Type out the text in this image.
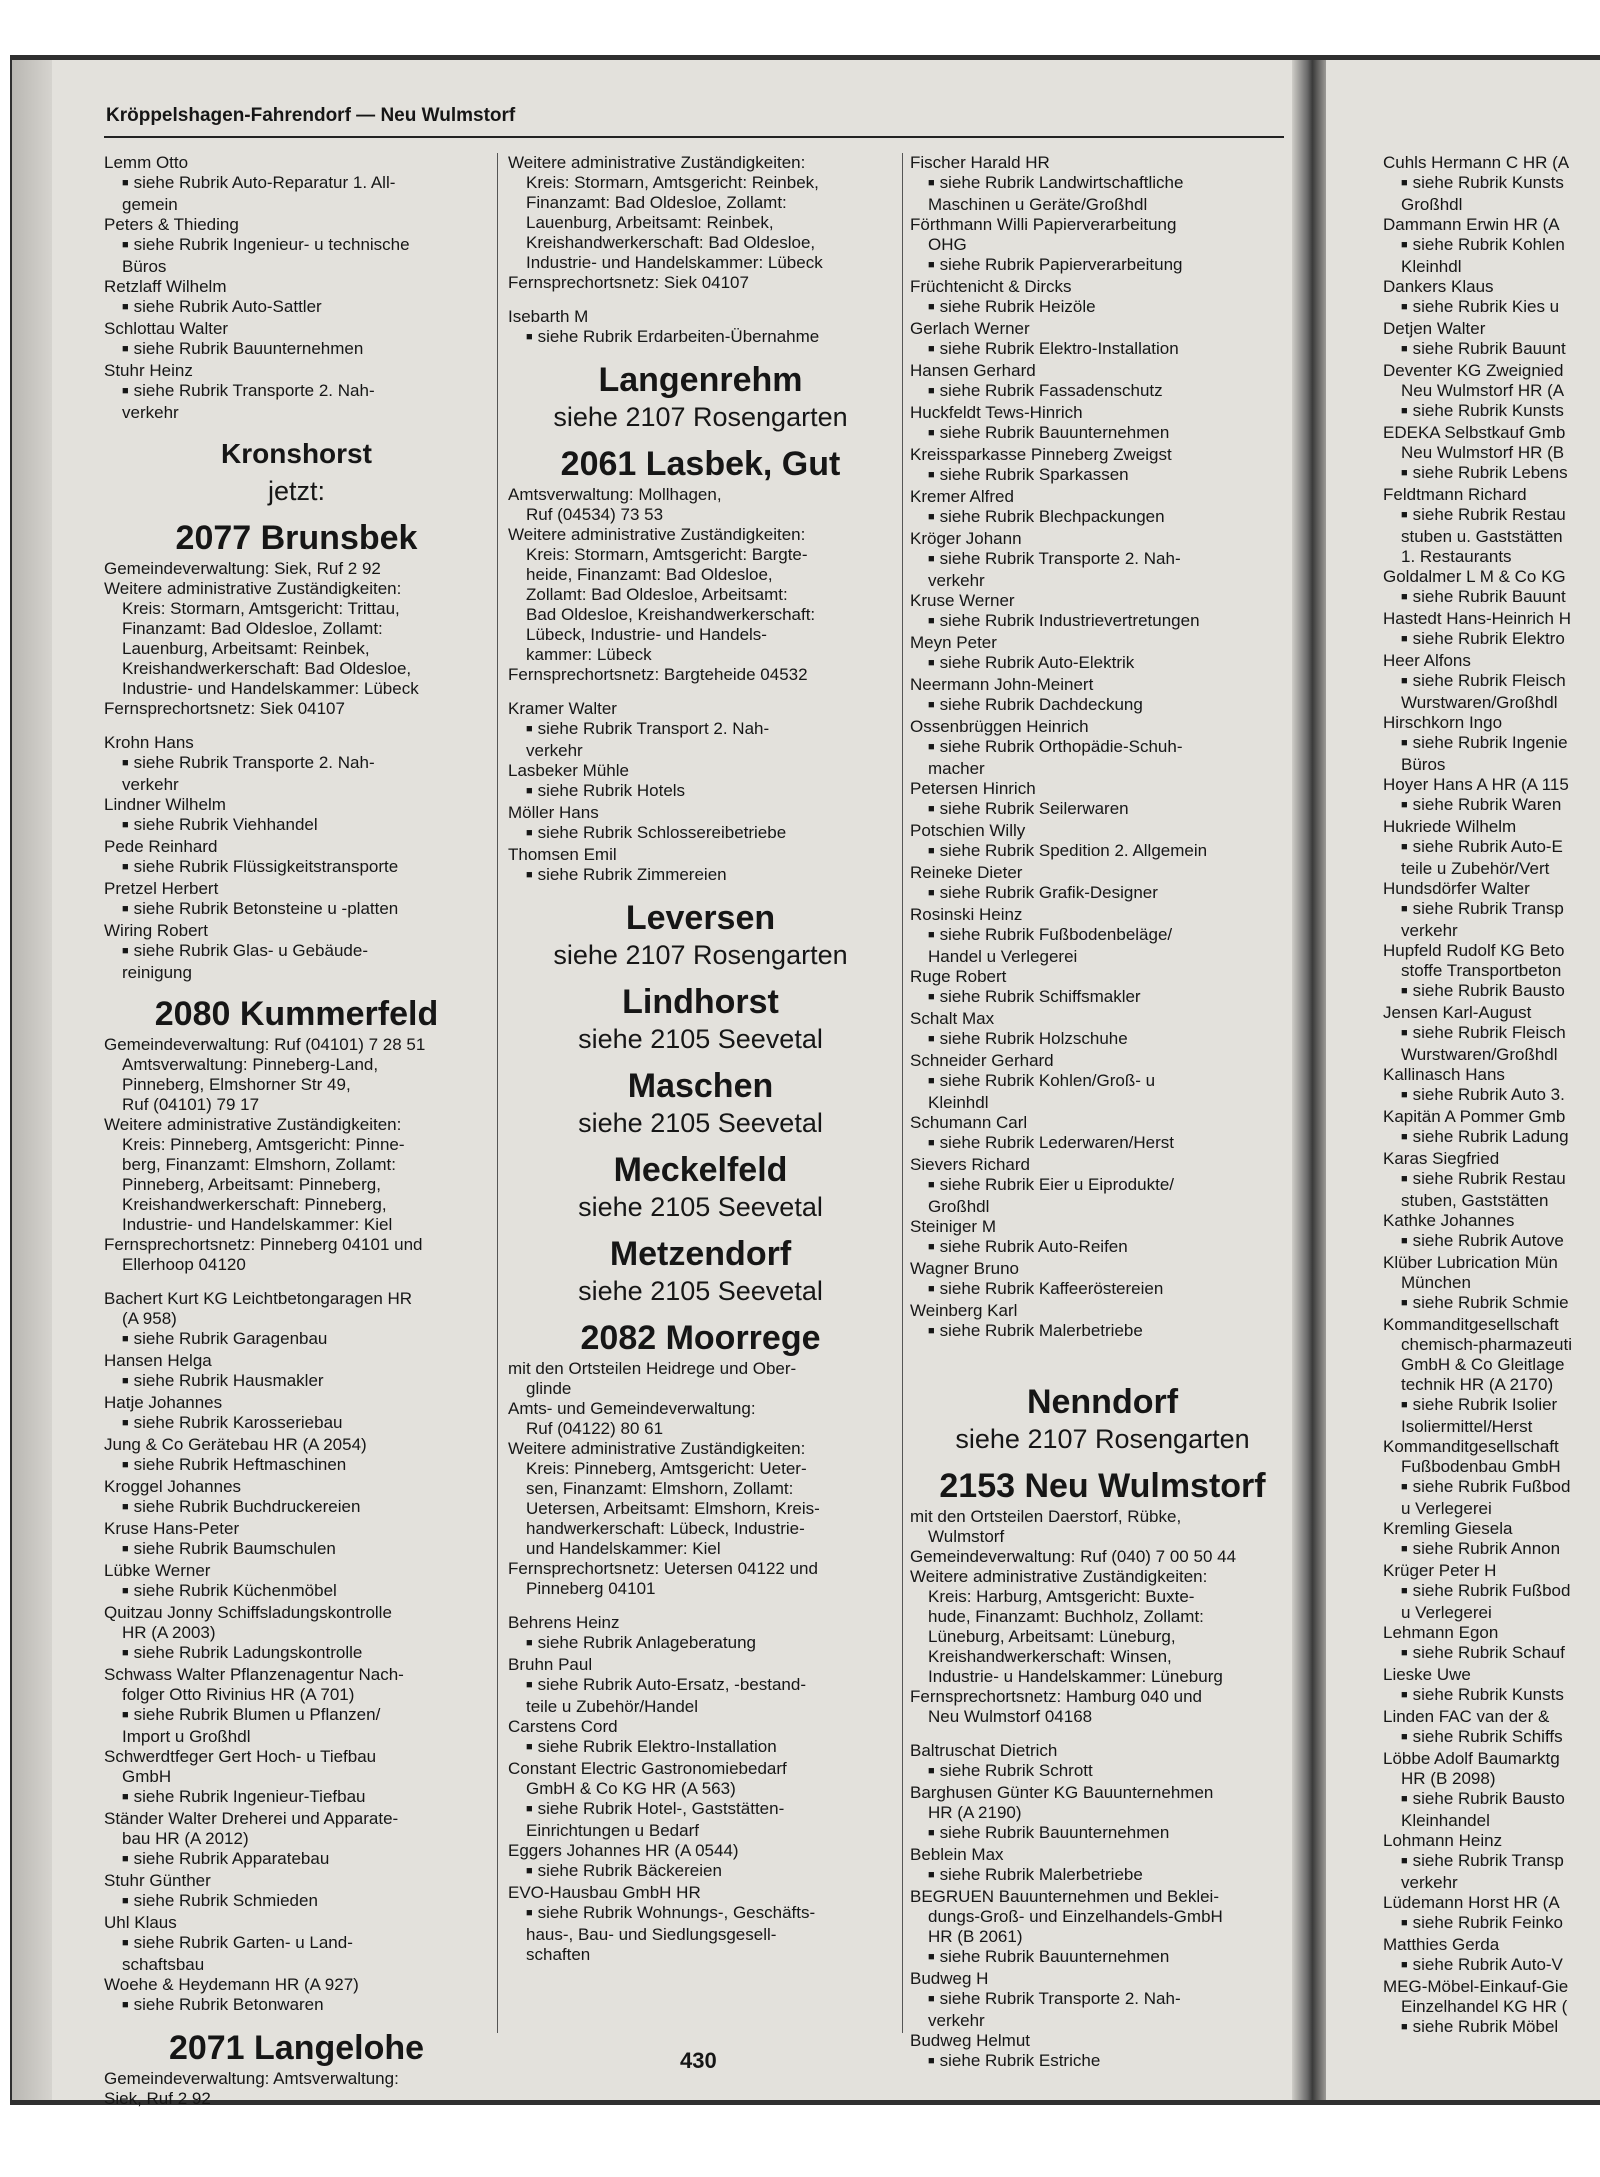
Kröppelshagen-Fahrendorf — Neu Wulmstorf
Lemm Otto
■ siehe Rubrik Auto-Reparatur 1. All-
gemein
Peters & Thieding
■ siehe Rubrik Ingenieur- u technische
Büros
Retzlaff Wilhelm
■ siehe Rubrik Auto-Sattler
Schlottau Walter
■ siehe Rubrik Bauunternehmen
Stuhr Heinz
■ siehe Rubrik Transporte 2. Nah-
verkehr
Kronshorst
jetzt:
2077 Brunsbek
Gemeindeverwaltung: Siek, Ruf 2 92
Weitere administrative Zuständigkeiten:
Kreis: Stormarn, Amtsgericht: Trittau,
Finanzamt: Bad Oldesloe, Zollamt:
Lauenburg, Arbeitsamt: Reinbek,
Kreishandwerkerschaft: Bad Oldesloe,
Industrie- und Handelskammer: Lübeck
Fernsprechortsnetz: Siek 04107
Krohn Hans
■ siehe Rubrik Transporte 2. Nah-
verkehr
Lindner Wilhelm
■ siehe Rubrik Viehhandel
Pede Reinhard
■ siehe Rubrik Flüssigkeitstransporte
Pretzel Herbert
■ siehe Rubrik Betonsteine u -platten
Wiring Robert
■ siehe Rubrik Glas- u Gebäude-
reinigung
2080 Kummerfeld
Gemeindeverwaltung: Ruf (04101) 7 28 51
Amtsverwaltung: Pinneberg-Land,
Pinneberg, Elmshorner Str 49,
Ruf (04101) 79 17
Weitere administrative Zuständigkeiten:
Kreis: Pinneberg, Amtsgericht: Pinne-
berg, Finanzamt: Elmshorn, Zollamt:
Pinneberg, Arbeitsamt: Pinneberg,
Kreishandwerkerschaft: Pinneberg,
Industrie- und Handelskammer: Kiel
Fernsprechortsnetz: Pinneberg 04101 und
Ellerhoop 04120
Bachert Kurt KG Leichtbetongaragen HR
(A 958)
■ siehe Rubrik Garagenbau
Hansen Helga
■ siehe Rubrik Hausmakler
Hatje Johannes
■ siehe Rubrik Karosseriebau
Jung & Co Gerätebau HR (A 2054)
■ siehe Rubrik Heftmaschinen
Kroggel Johannes
■ siehe Rubrik Buchdruckereien
Kruse Hans-Peter
■ siehe Rubrik Baumschulen
Lübke Werner
■ siehe Rubrik Küchenmöbel
Quitzau Jonny Schiffsladungskontrolle
HR (A 2003)
■ siehe Rubrik Ladungskontrolle
Schwass Walter Pflanzenagentur Nach-
folger Otto Rivinius HR (A 701)
■ siehe Rubrik Blumen u Pflanzen/
Import u Großhdl
Schwerdtfeger Gert Hoch- u Tiefbau
GmbH
■ siehe Rubrik Ingenieur-Tiefbau
Ständer Walter Dreherei und Apparate-
bau HR (A 2012)
■ siehe Rubrik Apparatebau
Stuhr Günther
■ siehe Rubrik Schmieden
Uhl Klaus
■ siehe Rubrik Garten- u Land-
schaftsbau
Woehe & Heydemann HR (A 927)
■ siehe Rubrik Betonwaren
2071 Langelohe
Gemeindeverwaltung: Amtsverwaltung:
Siek, Ruf 2 92
Weitere administrative Zuständigkeiten:
Kreis: Stormarn, Amtsgericht: Reinbek,
Finanzamt: Bad Oldesloe, Zollamt:
Lauenburg, Arbeitsamt: Reinbek,
Kreishandwerkerschaft: Bad Oldesloe,
Industrie- und Handelskammer: Lübeck
Fernsprechortsnetz: Siek 04107
Isebarth M
■ siehe Rubrik Erdarbeiten-Übernahme
Langenrehm
siehe 2107 Rosengarten
2061 Lasbek, Gut
Amtsverwaltung: Mollhagen,
Ruf (04534) 73 53
Weitere administrative Zuständigkeiten:
Kreis: Stormarn, Amtsgericht: Bargte-
heide, Finanzamt: Bad Oldesloe,
Zollamt: Bad Oldesloe, Arbeitsamt:
Bad Oldesloe, Kreishandwerkerschaft:
Lübeck, Industrie- und Handels-
kammer: Lübeck
Fernsprechortsnetz: Bargteheide 04532
Kramer Walter
■ siehe Rubrik Transport 2. Nah-
verkehr
Lasbeker Mühle
■ siehe Rubrik Hotels
Möller Hans
■ siehe Rubrik Schlossereibetriebe
Thomsen Emil
■ siehe Rubrik Zimmereien
Leversen
siehe 2107 Rosengarten
Lindhorst
siehe 2105 Seevetal
Maschen
siehe 2105 Seevetal
Meckelfeld
siehe 2105 Seevetal
Metzendorf
siehe 2105 Seevetal
2082 Moorrege
mit den Ortsteilen Heidrege und Ober-
glinde
Amts- und Gemeindeverwaltung:
Ruf (04122) 80 61
Weitere administrative Zuständigkeiten:
Kreis: Pinneberg, Amtsgericht: Ueter-
sen, Finanzamt: Elmshorn, Zollamt:
Uetersen, Arbeitsamt: Elmshorn, Kreis-
handwerkerschaft: Lübeck, Industrie-
und Handelskammer: Kiel
Fernsprechortsnetz: Uetersen 04122 und
Pinneberg 04101
Behrens Heinz
■ siehe Rubrik Anlageberatung
Bruhn Paul
■ siehe Rubrik Auto-Ersatz, -bestand-
teile u Zubehör/Handel
Carstens Cord
■ siehe Rubrik Elektro-Installation
Constant Electric Gastronomiebedarf
GmbH & Co KG HR (A 563)
■ siehe Rubrik Hotel-, Gaststätten-
Einrichtungen u Bedarf
Eggers Johannes HR (A 0544)
■ siehe Rubrik Bäckereien
EVO-Hausbau GmbH HR
■ siehe Rubrik Wohnungs-, Geschäfts-
haus-, Bau- und Siedlungsgesell-
schaften
Fischer Harald HR
■ siehe Rubrik Landwirtschaftliche
Maschinen u Geräte/Großhdl
Förthmann Willi Papierverarbeitung
OHG
■ siehe Rubrik Papierverarbeitung
Früchtenicht & Dircks
■ siehe Rubrik Heizöle
Gerlach Werner
■ siehe Rubrik Elektro-Installation
Hansen Gerhard
■ siehe Rubrik Fassadenschutz
Huckfeldt Tews-Hinrich
■ siehe Rubrik Bauunternehmen
Kreissparkasse Pinneberg Zweigst
■ siehe Rubrik Sparkassen
Kremer Alfred
■ siehe Rubrik Blechpackungen
Kröger Johann
■ siehe Rubrik Transporte 2. Nah-
verkehr
Kruse Werner
■ siehe Rubrik Industrievertretungen
Meyn Peter
■ siehe Rubrik Auto-Elektrik
Neermann John-Meinert
■ siehe Rubrik Dachdeckung
Ossenbrüggen Heinrich
■ siehe Rubrik Orthopädie-Schuh-
macher
Petersen Hinrich
■ siehe Rubrik Seilerwaren
Potschien Willy
■ siehe Rubrik Spedition 2. Allgemein
Reineke Dieter
■ siehe Rubrik Grafik-Designer
Rosinski Heinz
■ siehe Rubrik Fußbodenbeläge/
Handel u Verlegerei
Ruge Robert
■ siehe Rubrik Schiffsmakler
Schalt Max
■ siehe Rubrik Holzschuhe
Schneider Gerhard
■ siehe Rubrik Kohlen/Groß- u
Kleinhdl
Schumann Carl
■ siehe Rubrik Lederwaren/Herst
Sievers Richard
■ siehe Rubrik Eier u Eiprodukte/
Großhdl
Steiniger M
■ siehe Rubrik Auto-Reifen
Wagner Bruno
■ siehe Rubrik Kaffeeröstereien
Weinberg Karl
■ siehe Rubrik Malerbetriebe
Nenndorf
siehe 2107 Rosengarten
2153 Neu Wulmstorf
mit den Ortsteilen Daerstorf, Rübke,
Wulmstorf
Gemeindeverwaltung: Ruf (040) 7 00 50 44
Weitere administrative Zuständigkeiten:
Kreis: Harburg, Amtsgericht: Buxte-
hude, Finanzamt: Buchholz, Zollamt:
Lüneburg, Arbeitsamt: Lüneburg,
Kreishandwerkerschaft: Winsen,
Industrie- u Handelskammer: Lüneburg
Fernsprechortsnetz: Hamburg 040 und
Neu Wulmstorf 04168
Baltruschat Dietrich
■ siehe Rubrik Schrott
Barghusen Günter KG Bauunternehmen
HR (A 2190)
■ siehe Rubrik Bauunternehmen
Beblein Max
■ siehe Rubrik Malerbetriebe
BEGRUEN Bauunternehmen und Beklei-
dungs-Groß- und Einzelhandels-GmbH
HR (B 2061)
■ siehe Rubrik Bauunternehmen
Budweg H
■ siehe Rubrik Transporte 2. Nah-
verkehr
Budweg Helmut
■ siehe Rubrik Estriche
Cuhls Hermann C HR (A
■ siehe Rubrik Kunsts
Großhdl
Dammann Erwin HR (A
■ siehe Rubrik Kohlen
Kleinhdl
Dankers Klaus
■ siehe Rubrik Kies u
Detjen Walter
■ siehe Rubrik Bauunt
Deventer KG Zweignied
Neu Wulmstorf HR (A
■ siehe Rubrik Kunsts
EDEKA Selbstkauf Gmb
Neu Wulmstorf HR (B
■ siehe Rubrik Lebens
Feldtmann Richard
■ siehe Rubrik Restau
stuben u. Gaststätten
1. Restaurants
Goldalmer L M & Co KG
■ siehe Rubrik Bauunt
Hastedt Hans-Heinrich H
■ siehe Rubrik Elektro
Heer Alfons
■ siehe Rubrik Fleisch
Wurstwaren/Großhdl
Hirschkorn Ingo
■ siehe Rubrik Ingenie
Büros
Hoyer Hans A HR (A 115
■ siehe Rubrik Waren
Hukriede Wilhelm
■ siehe Rubrik Auto-E
teile u Zubehör/Vert
Hundsdörfer Walter
■ siehe Rubrik Transp
verkehr
Hupfeld Rudolf KG Beto
stoffe Transportbeton
■ siehe Rubrik Bausto
Jensen Karl-August
■ siehe Rubrik Fleisch
Wurstwaren/Großhdl
Kallinasch Hans
■ siehe Rubrik Auto 3.
Kapitän A Pommer Gmb
■ siehe Rubrik Ladung
Karas Siegfried
■ siehe Rubrik Restau
stuben, Gaststätten
Kathke Johannes
■ siehe Rubrik Autove
Klüber Lubrication Mün
München
■ siehe Rubrik Schmie
Kommanditgesellschaft
chemisch-pharmazeuti
GmbH & Co Gleitlage
technik HR (A 2170)
■ siehe Rubrik Isolier
Isoliermittel/Herst
Kommanditgesellschaft
Fußbodenbau GmbH
■ siehe Rubrik Fußbod
u Verlegerei
Kremling Giesela
■ siehe Rubrik Annon
Krüger Peter H
■ siehe Rubrik Fußbod
u Verlegerei
Lehmann Egon
■ siehe Rubrik Schauf
Lieske Uwe
■ siehe Rubrik Kunsts
Linden FAC van der &
■ siehe Rubrik Schiffs
Löbbe Adolf Baumarktg
HR (B 2098)
■ siehe Rubrik Bausto
Kleinhandel
Lohmann Heinz
■ siehe Rubrik Transp
verkehr
Lüdemann Horst HR (A
■ siehe Rubrik Feinko
Matthies Gerda
■ siehe Rubrik Auto-V
MEG-Möbel-Einkauf-Gie
Einzelhandel KG HR (
■ siehe Rubrik Möbel
430
